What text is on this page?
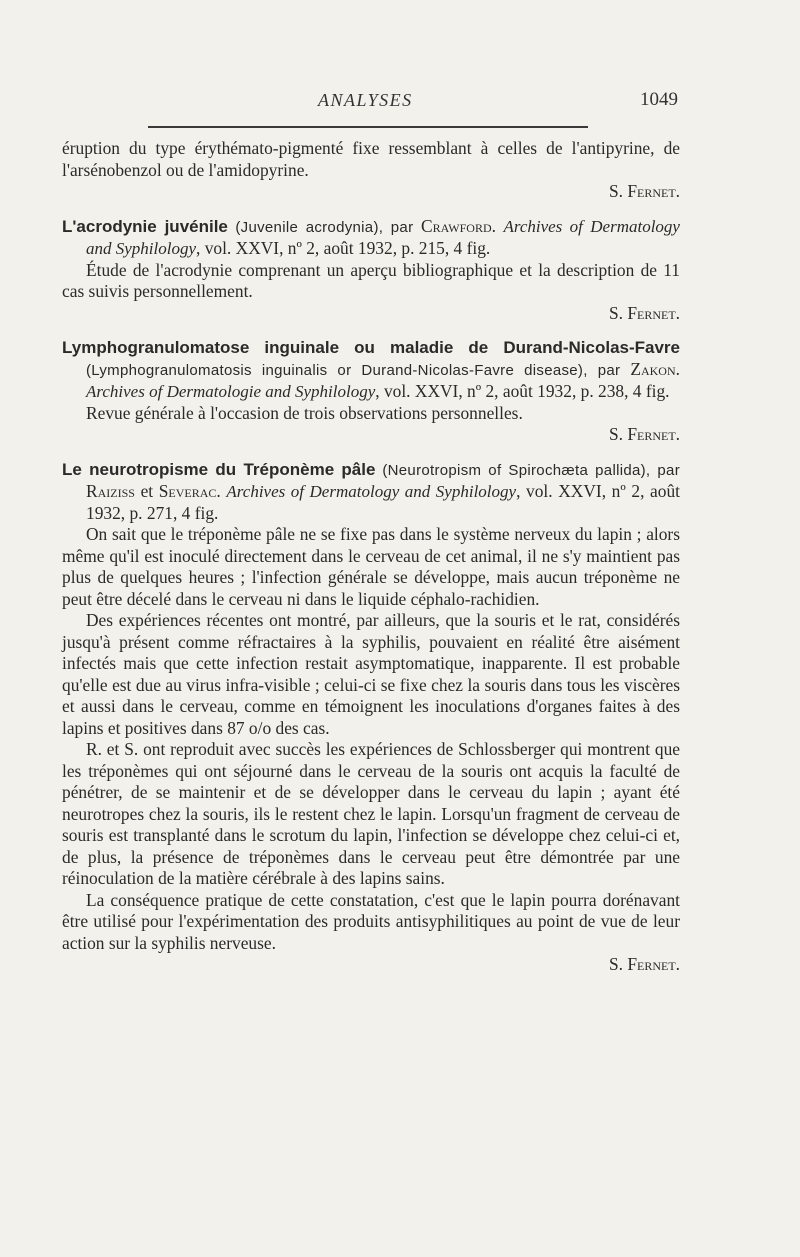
ANALYSES	1049

éruption du type érythémato-pigmenté fixe ressemblant à celles de l'antipyrine, de l'arsénobenzol ou de l'amidopyrine.

S. Fernet.

L'acrodynie juvénile (Juvenile acrodynia), par Crawford. Archives of Dermatology and Syphilology, vol. XXVI, nº 2, août 1932, p. 215, 4 fig.

Étude de l'acrodynie comprenant un aperçu bibliographique et la description de 11 cas suivis personnellement.

S. Fernet.

Lymphogranulomatose inguinale ou maladie de Durand-Nicolas-Favre (Lymphogranulomatosis inguinalis or Durand-Nicolas-Favre disease), par Zakon. Archives of Dermatologie and Syphilology, vol. XXVI, nº 2, août 1932, p. 238, 4 fig.

Revue générale à l'occasion de trois observations personnelles.

S. Fernet.

Le neurotropisme du Tréponème pâle (Neurotropism of Spirochæta pallida), par Raiziss et Severac. Archives of Dermatology and Syphilology, vol. XXVI, nº 2, août 1932, p. 271, 4 fig.

On sait que le tréponème pâle ne se fixe pas dans le système nerveux du lapin ; alors même qu'il est inoculé directement dans le cerveau de cet animal, il ne s'y maintient pas plus de quelques heures ; l'infection générale se développe, mais aucun tréponème ne peut être décelé dans le cerveau ni dans le liquide céphalo-rachidien.

Des expériences récentes ont montré, par ailleurs, que la souris et le rat, considérés jusqu'à présent comme réfractaires à la syphilis, pouvaient en réalité être aisément infectés mais que cette infection restait asymptomatique, inapparente. Il est probable qu'elle est due au virus infra-visible ; celui-ci se fixe chez la souris dans tous les viscères et aussi dans le cerveau, comme en témoignent les inoculations d'organes faites à des lapins et positives dans 87 o/o des cas.

R. et S. ont reproduit avec succès les expériences de Schlossberger qui montrent que les tréponèmes qui ont séjourné dans le cerveau de la souris ont acquis la faculté de pénétrer, de se maintenir et de se développer dans le cerveau du lapin ; ayant été neurotropes chez la souris, ils le restent chez le lapin. Lorsqu'un fragment de cerveau de souris est transplanté dans le scrotum du lapin, l'infection se développe chez celui-ci et, de plus, la présence de tréponèmes dans le cerveau peut être démontrée par une réinoculation de la matière cérébrale à des lapins sains.

La conséquence pratique de cette constatation, c'est que le lapin pourra dorénavant être utilisé pour l'expérimentation des produits antisyphilitiques au point de vue de leur action sur la syphilis nerveuse.

S. Fernet.
